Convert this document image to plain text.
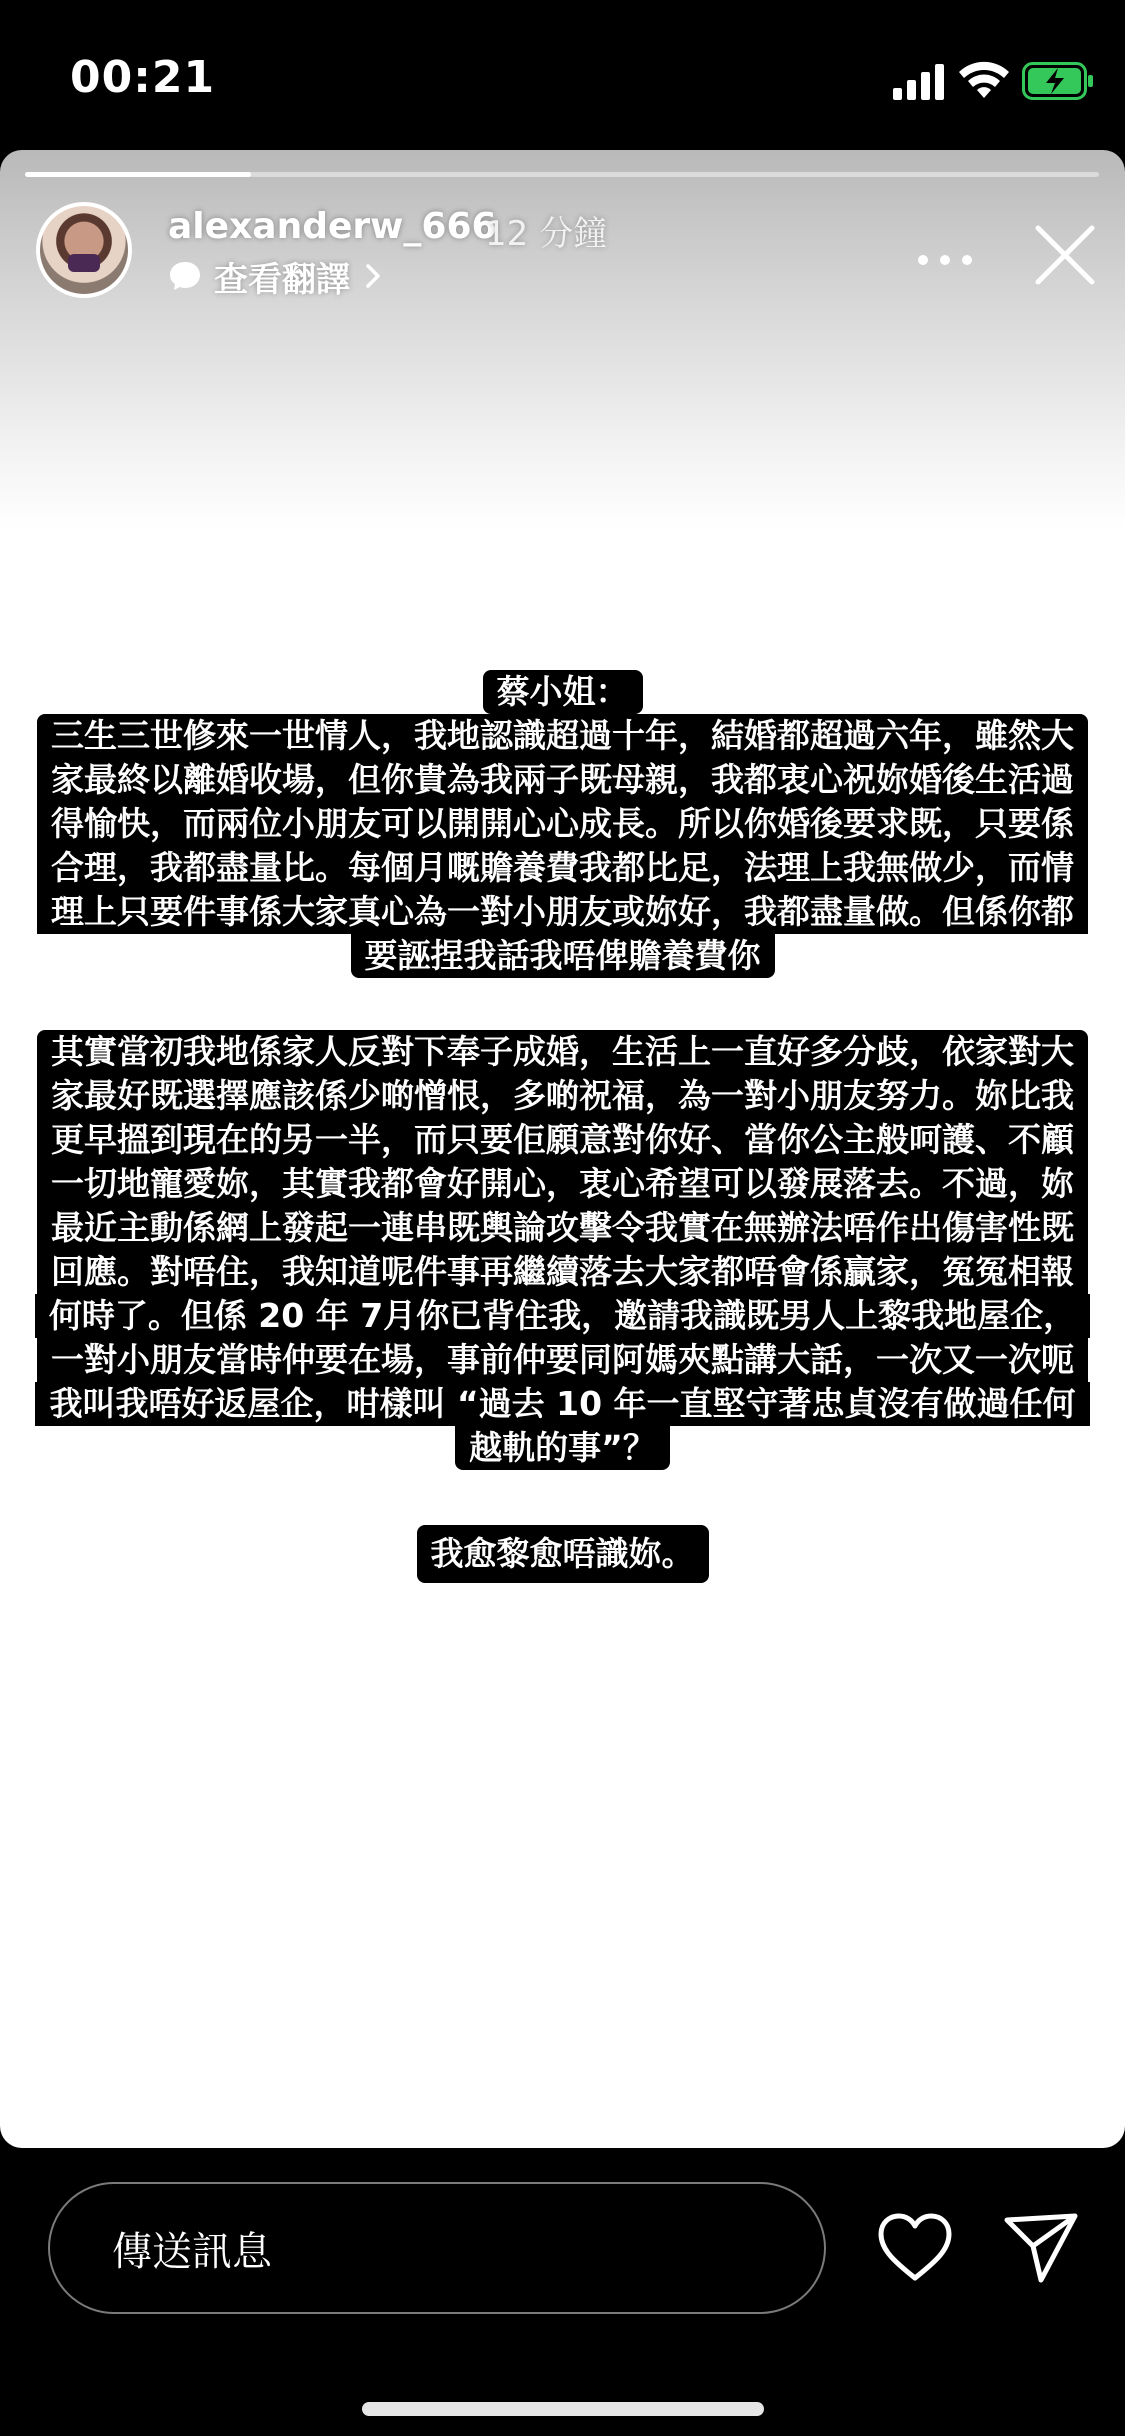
00:21
alexanderw_666
12 分鐘
查看翻譯
蔡小姐：
三生三世修來一世情人，我地認識超過十年，結婚都超過六年，雖然大
家最終以離婚收場，但你貴為我兩子既母親，我都衷心祝妳婚後生活過
得愉快，而兩位小朋友可以開開心心成長。所以你婚後要求既，只要係
合理，我都盡量比。每個月嘅贍養費我都比足，法理上我無做少，而情
理上只要件事係大家真心為一對小朋友或妳好，我都盡量做。但係你都
要誣捏我話我唔俾贍養費你
其實當初我地係家人反對下奉子成婚，生活上一直好多分歧，依家對大
家最好既選擇應該係少啲憎恨，多啲祝福，為一對小朋友努力。妳比我
更早搵到現在的另一半，而只要佢願意對你好、當你公主般呵護、不顧
一切地寵愛妳，其實我都會好開心，衷心希望可以發展落去。不過，妳
最近主動係網上發起一連串既輿論攻擊令我實在無辦法唔作出傷害性既
回應。對唔住，我知道呢件事再繼續落去大家都唔會係贏家，冤冤相報
何時了。但係 20 年 7月你已背住我，邀請我識既男人上黎我地屋企，
一對小朋友當時仲要在場，事前仲要同阿媽夾點講大話，一次又一次呃
我叫我唔好返屋企，咁樣叫 “過去 10 年一直堅守著忠貞沒有做過任何
越軌的事”？
我愈黎愈唔識妳。
傳送訊息
